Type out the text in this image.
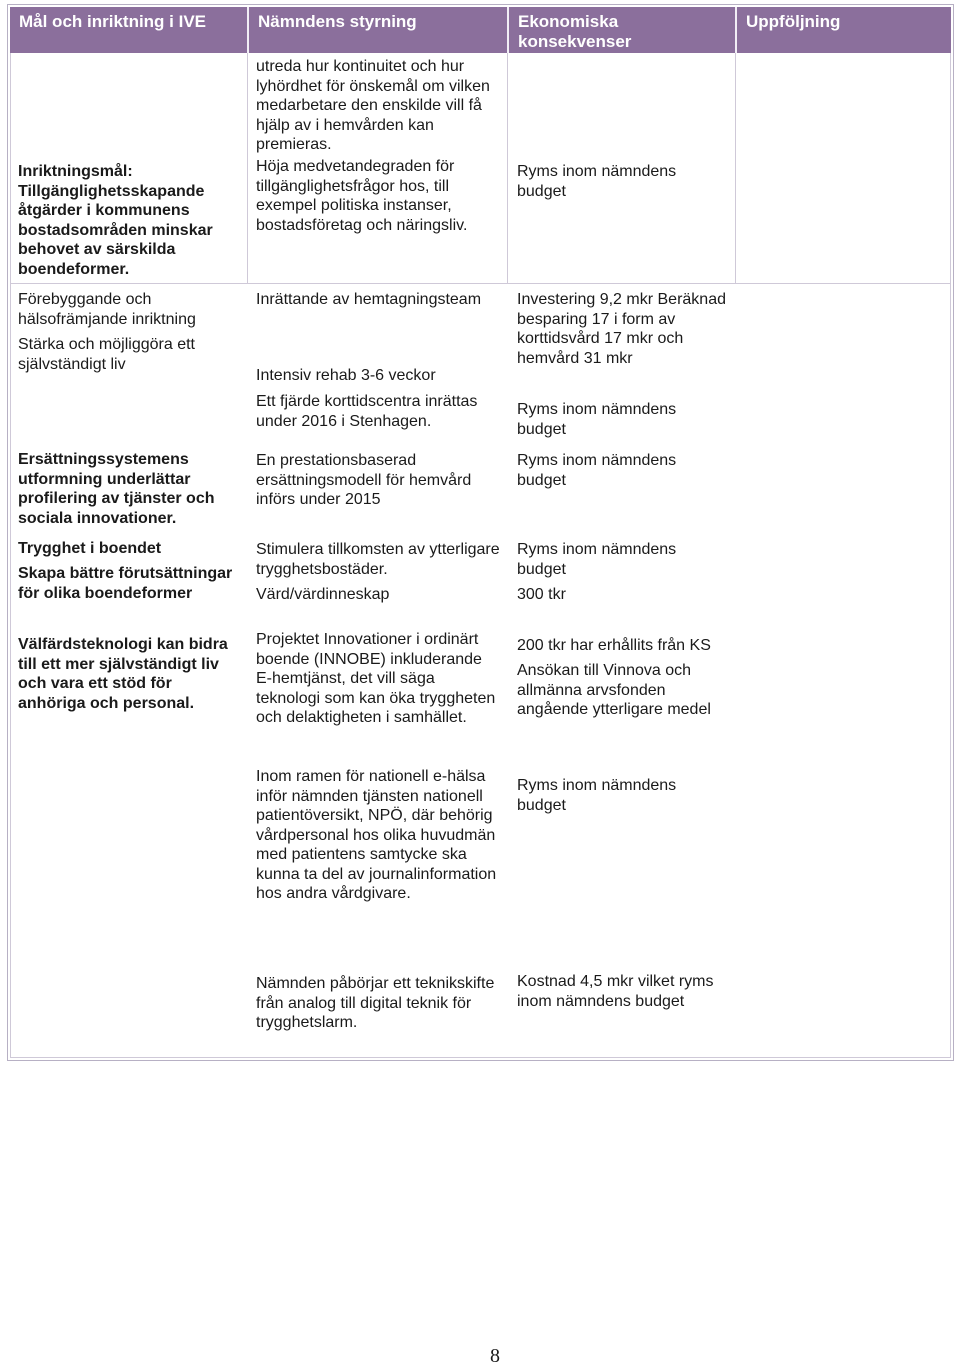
Mål och inriktning i IVE	Nämndens styrning	Ekonomiska konsekvenser
Uppföljning
Inriktningsmål: Tillgänglighetsskapande åtgärder i kommunens bostadsområden minskar behovet av särskilda boendeformer.
utreda hur kontinuitet och hur lyhördhet för önskemål om vilken medarbetare den enskilde vill få hjälp av i hemvården kan premieras.
Höja medvetandegraden för tillgänglighetsfrågor hos, till exempel politiska instanser, bostadsföretag och näringsliv.
Ryms inom nämndens budget
Förebyggande och hälsofrämjande inriktning
Stärka och möjliggöra ett självständigt liv
Inrättande av hemtagningsteam
Intensiv rehab 3-6 veckor
Ett fjärde korttidscentra inrättas under 2016 i Stenhagen.
Investering 9,2 mkr Beräknad besparing 17 i form av korttidsvård 17 mkr och hemvård 31 mkr
Ryms inom nämndens budget
Ersättningssystemens utformning underlättar profilering av tjänster och sociala innovationer.
En prestationsbaserad ersättningsmodell för hemvård införs under 2015
Ryms inom nämndens budget
Trygghet i boendet
Skapa bättre förutsättningar för olika boendeformer
Stimulera tillkomsten av ytterligare trygghetsbostäder.
Värd/värdinneskap
Ryms inom nämndens budget
300 tkr
Välfärdsteknologi kan bidra till ett mer självständigt liv och vara ett stöd för anhöriga och personal.
Projektet Innovationer i ordinärt boende (INNOBE) inkluderande E-hemtjänst, det vill säga teknologi som kan öka tryggheten och delaktigheten i samhället.
200 tkr har erhållits från KS
Ansökan till Vinnova och allmänna arvsfonden angående ytterligare medel
Inom ramen för nationell e-hälsa inför nämnden tjänsten nationell patientöversikt, NPÖ, där behörig vårdpersonal hos olika huvudmän med patientens samtycke ska kunna ta del av journalinformation hos andra vårdgivare.
Ryms inom nämndens budget
Nämnden påbörjar ett teknikskifte från analog till digital teknik för trygghetslarm.
Kostnad 4,5 mkr vilket ryms inom nämndens budget
8
